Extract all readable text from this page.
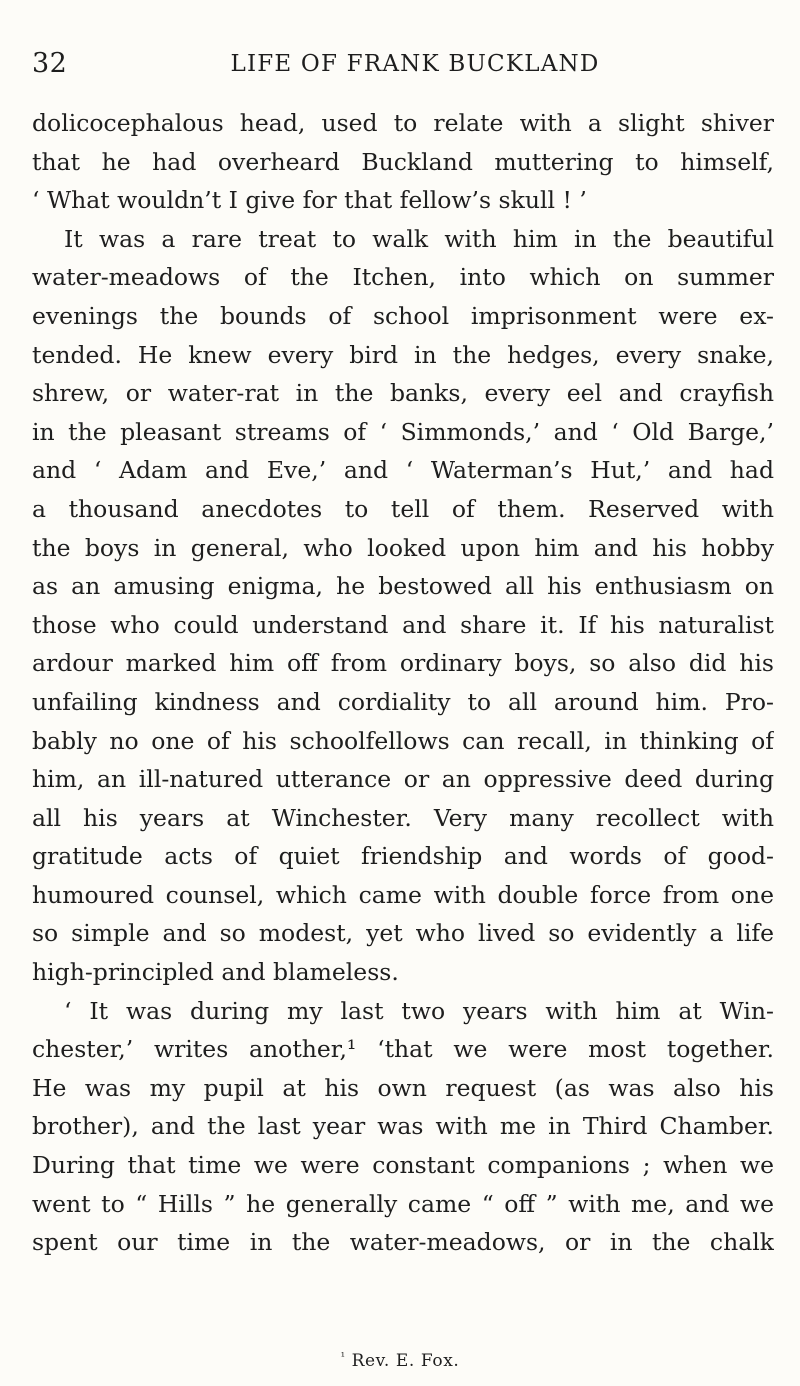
32	LIFE OF FRANK BUCKLAND
dolicocephalous head, used to relate with a slight shiver
that he had overheard Buckland muttering to himself,
‘ What wouldn’t I give for that fellow’s skull ! ’
It was a rare treat to walk with him in the beautiful
water-meadows of the Itchen, into which on summer
evenings the bounds of school imprisonment were ex-
tended. He knew every bird in the hedges, every snake,
shrew, or water-rat in the banks, every eel and crayfish
in the pleasant streams of ‘ Simmonds,’ and ‘ Old Barge,’
and ‘ Adam and Eve,’ and ‘ Waterman’s Hut,’ and had
a thousand anecdotes to tell of them. Reserved with
the boys in general, who looked upon him and his hobby
as an amusing enigma, he bestowed all his enthusiasm on
those who could understand and share it. If his naturalist
ardour marked him off from ordinary boys, so also did his
unfailing kindness and cordiality to all around him. Pro-
bably no one of his schoolfellows can recall, in thinking of
him, an ill-natured utterance or an oppressive deed during
all his years at Winchester. Very many recollect with
gratitude acts of quiet friendship and words of good-
humoured counsel, which came with double force from one
so simple and so modest, yet who lived so evidently a life
high-principled and blameless.
‘ It was during my last two years with him at Win-
chester,’ writes another,¹ ‘that we were most together.
He was my pupil at his own request (as was also his
brother), and the last year was with me in Third Chamber.
During that time we were constant companions ; when we
went to “ Hills ” he generally came “ off ” with me, and we
spent our time in the water-meadows, or in the chalk
$^{^1}$ Rev. E. Fox.
